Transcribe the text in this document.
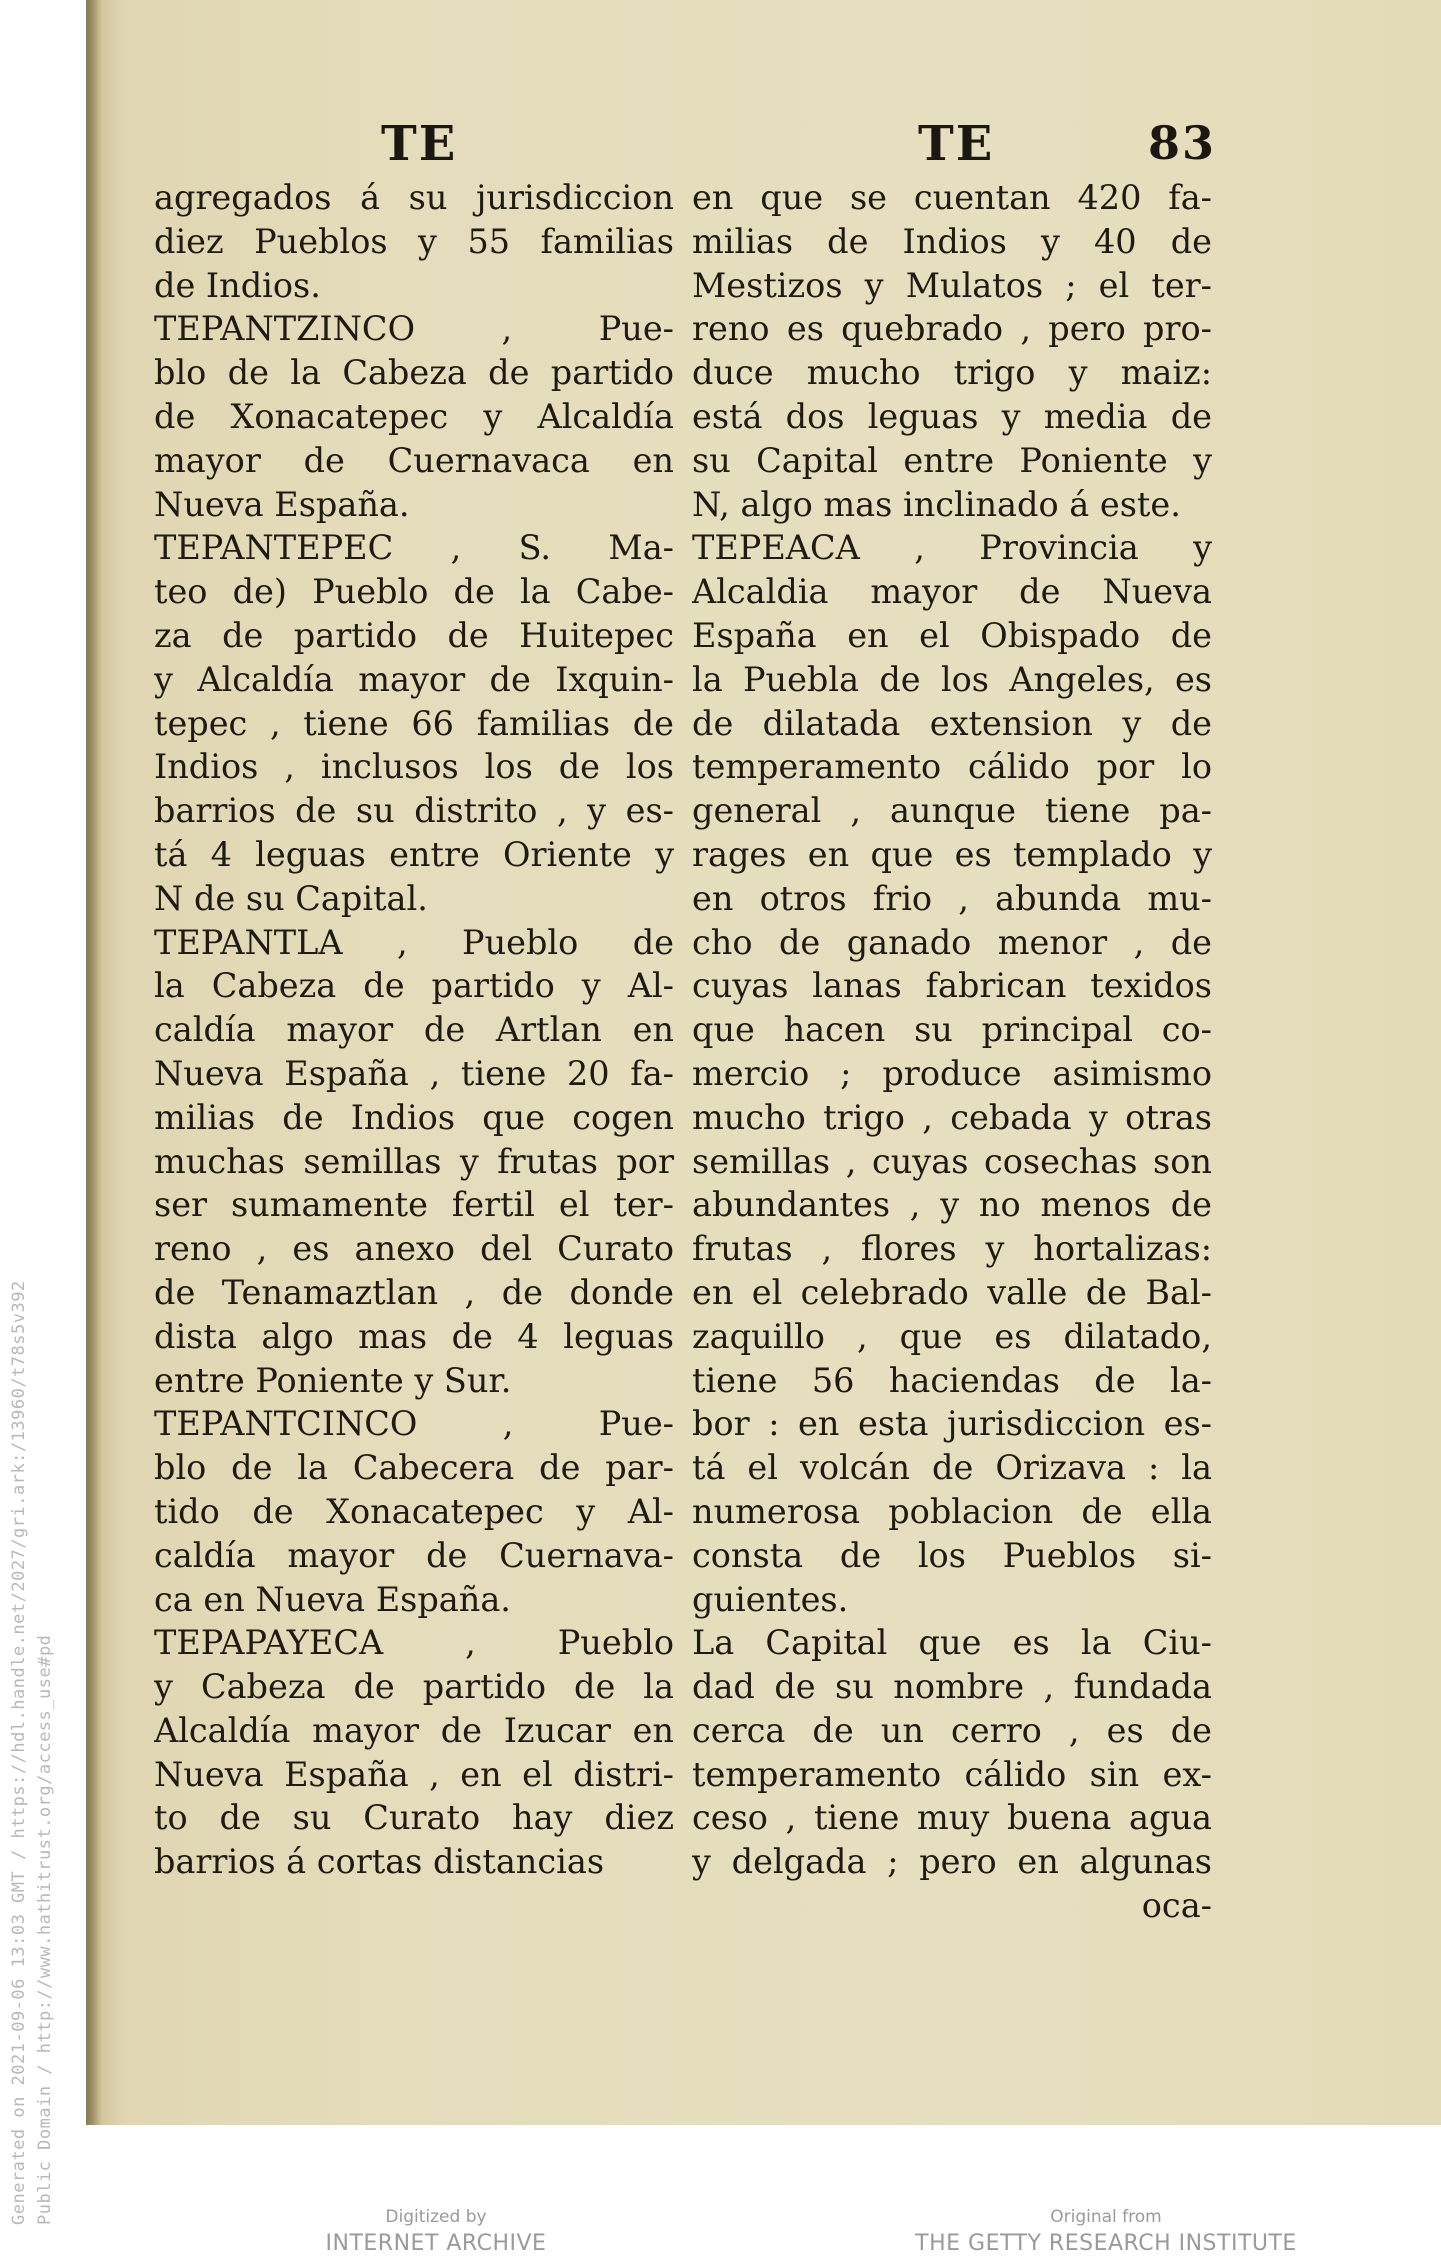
Generated on 2021-09-06 13:03 GMT / https://hdl.handle.net/2027/gri.ark:/13960/t78s5v392 Public Domain / http://www.hathitrust.org/access_use#pd
TE	TE	83
agregados á su jurisdiccion
diez Pueblos y 55 familias
de Indios.
TEPANTZINCO , Pue-
blo de la Cabeza de partido
de Xonacatepec y Alcaldía
mayor de Cuernavaca en
Nueva España.
TEPANTEPEC , S. Ma-
teo de) Pueblo de la Cabe-
za de partido de Huitepec
y Alcaldía mayor de Ixquin-
tepec , tiene 66 familias de
Indios , inclusos los de los
barrios de su distrito , y es-
tá 4 leguas entre Oriente y
N de su Capital.
TEPANTLA , Pueblo de
la Cabeza de partido y Al-
caldía mayor de Artlan en
Nueva España , tiene 20 fa-
milias de Indios que cogen
muchas semillas y frutas por
ser sumamente fertil el ter-
reno , es anexo del Curato
de Tenamaztlan , de donde
dista algo mas de 4 leguas
entre Poniente y Sur.
TEPANTCINCO , Pue-
blo de la Cabecera de par-
tido de Xonacatepec y Al-
caldía mayor de Cuernava-
ca en Nueva España.
TEPAPAYECA , Pueblo
y Cabeza de partido de la
Alcaldía mayor de Izucar en
Nueva España , en el distri-
to de su Curato hay diez
barrios á cortas distancias
en que se cuentan 420 fa-
milias de Indios y 40 de
Mestizos y Mulatos ; el ter-
reno es quebrado , pero pro-
duce mucho trigo y maiz:
está dos leguas y media de
su Capital entre Poniente y
N, algo mas inclinado á este.
TEPEACA , Provincia y
Alcaldia mayor de Nueva
España en el Obispado de
la Puebla de los Angeles, es
de dilatada extension y de
temperamento cálido por lo
general , aunque tiene pa-
rages en que es templado y
en otros frio , abunda mu-
cho de ganado menor , de
cuyas lanas fabrican texidos
que hacen su principal co-
mercio ; produce asimismo
mucho trigo , cebada y otras
semillas , cuyas cosechas son
abundantes , y no menos de
frutas , flores y hortalizas:
en el celebrado valle de Bal-
zaquillo , que es dilatado,
tiene 56 haciendas de la-
bor : en esta jurisdiccion es-
tá el volcán de Orizava : la
numerosa poblacion de ella
consta de los Pueblos si-
guientes.
La Capital que es la Ciu-
dad de su nombre , fundada
cerca de un cerro , es de
temperamento cálido sin ex-
ceso , tiene muy buena agua
y delgada ; pero en algunas
oca-
Digitized by
INTERNET ARCHIVE
Original from
THE GETTY RESEARCH INSTITUTE
